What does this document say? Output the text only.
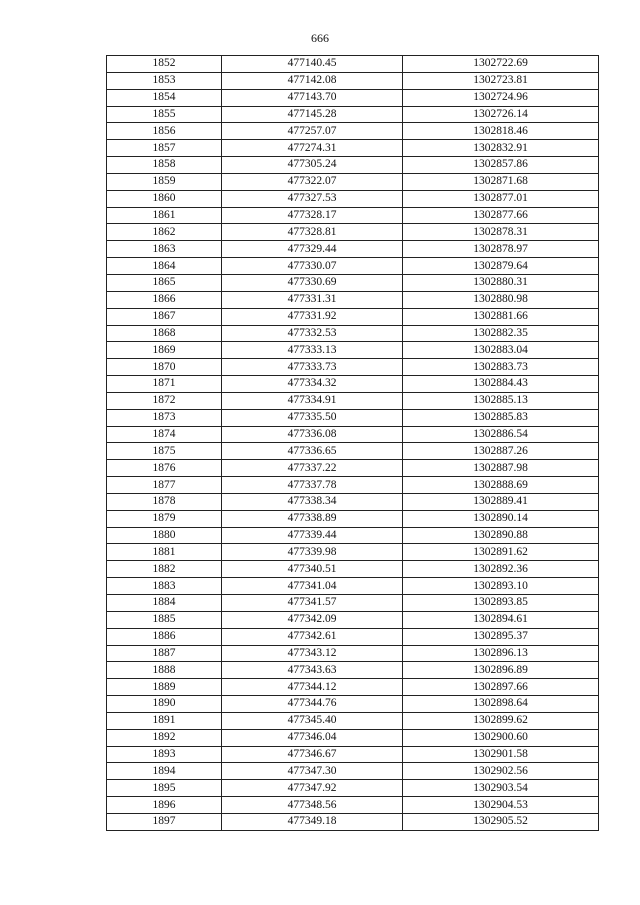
666
1852	477140.45	1302722.69
1853	477142.08	1302723.81
1854	477143.70	1302724.96
1855	477145.28	1302726.14
1856	477257.07	1302818.46
1857	477274.31	1302832.91
1858	477305.24	1302857.86
1859	477322.07	1302871.68
1860	477327.53	1302877.01
1861	477328.17	1302877.66
1862	477328.81	1302878.31
1863	477329.44	1302878.97
1864	477330.07	1302879.64
1865	477330.69	1302880.31
1866	477331.31	1302880.98
1867	477331.92	1302881.66
1868	477332.53	1302882.35
1869	477333.13	1302883.04
1870	477333.73	1302883.73
1871	477334.32	1302884.43
1872	477334.91	1302885.13
1873	477335.50	1302885.83
1874	477336.08	1302886.54
1875	477336.65	1302887.26
1876	477337.22	1302887.98
1877	477337.78	1302888.69
1878	477338.34	1302889.41
1879	477338.89	1302890.14
1880	477339.44	1302890.88
1881	477339.98	1302891.62
1882	477340.51	1302892.36
1883	477341.04	1302893.10
1884	477341.57	1302893.85
1885	477342.09	1302894.61
1886	477342.61	1302895.37
1887	477343.12	1302896.13
1888	477343.63	1302896.89
1889	477344.12	1302897.66
1890	477344.76	1302898.64
1891	477345.40	1302899.62
1892	477346.04	1302900.60
1893	477346.67	1302901.58
1894	477347.30	1302902.56
1895	477347.92	1302903.54
1896	477348.56	1302904.53
1897	477349.18	1302905.52
